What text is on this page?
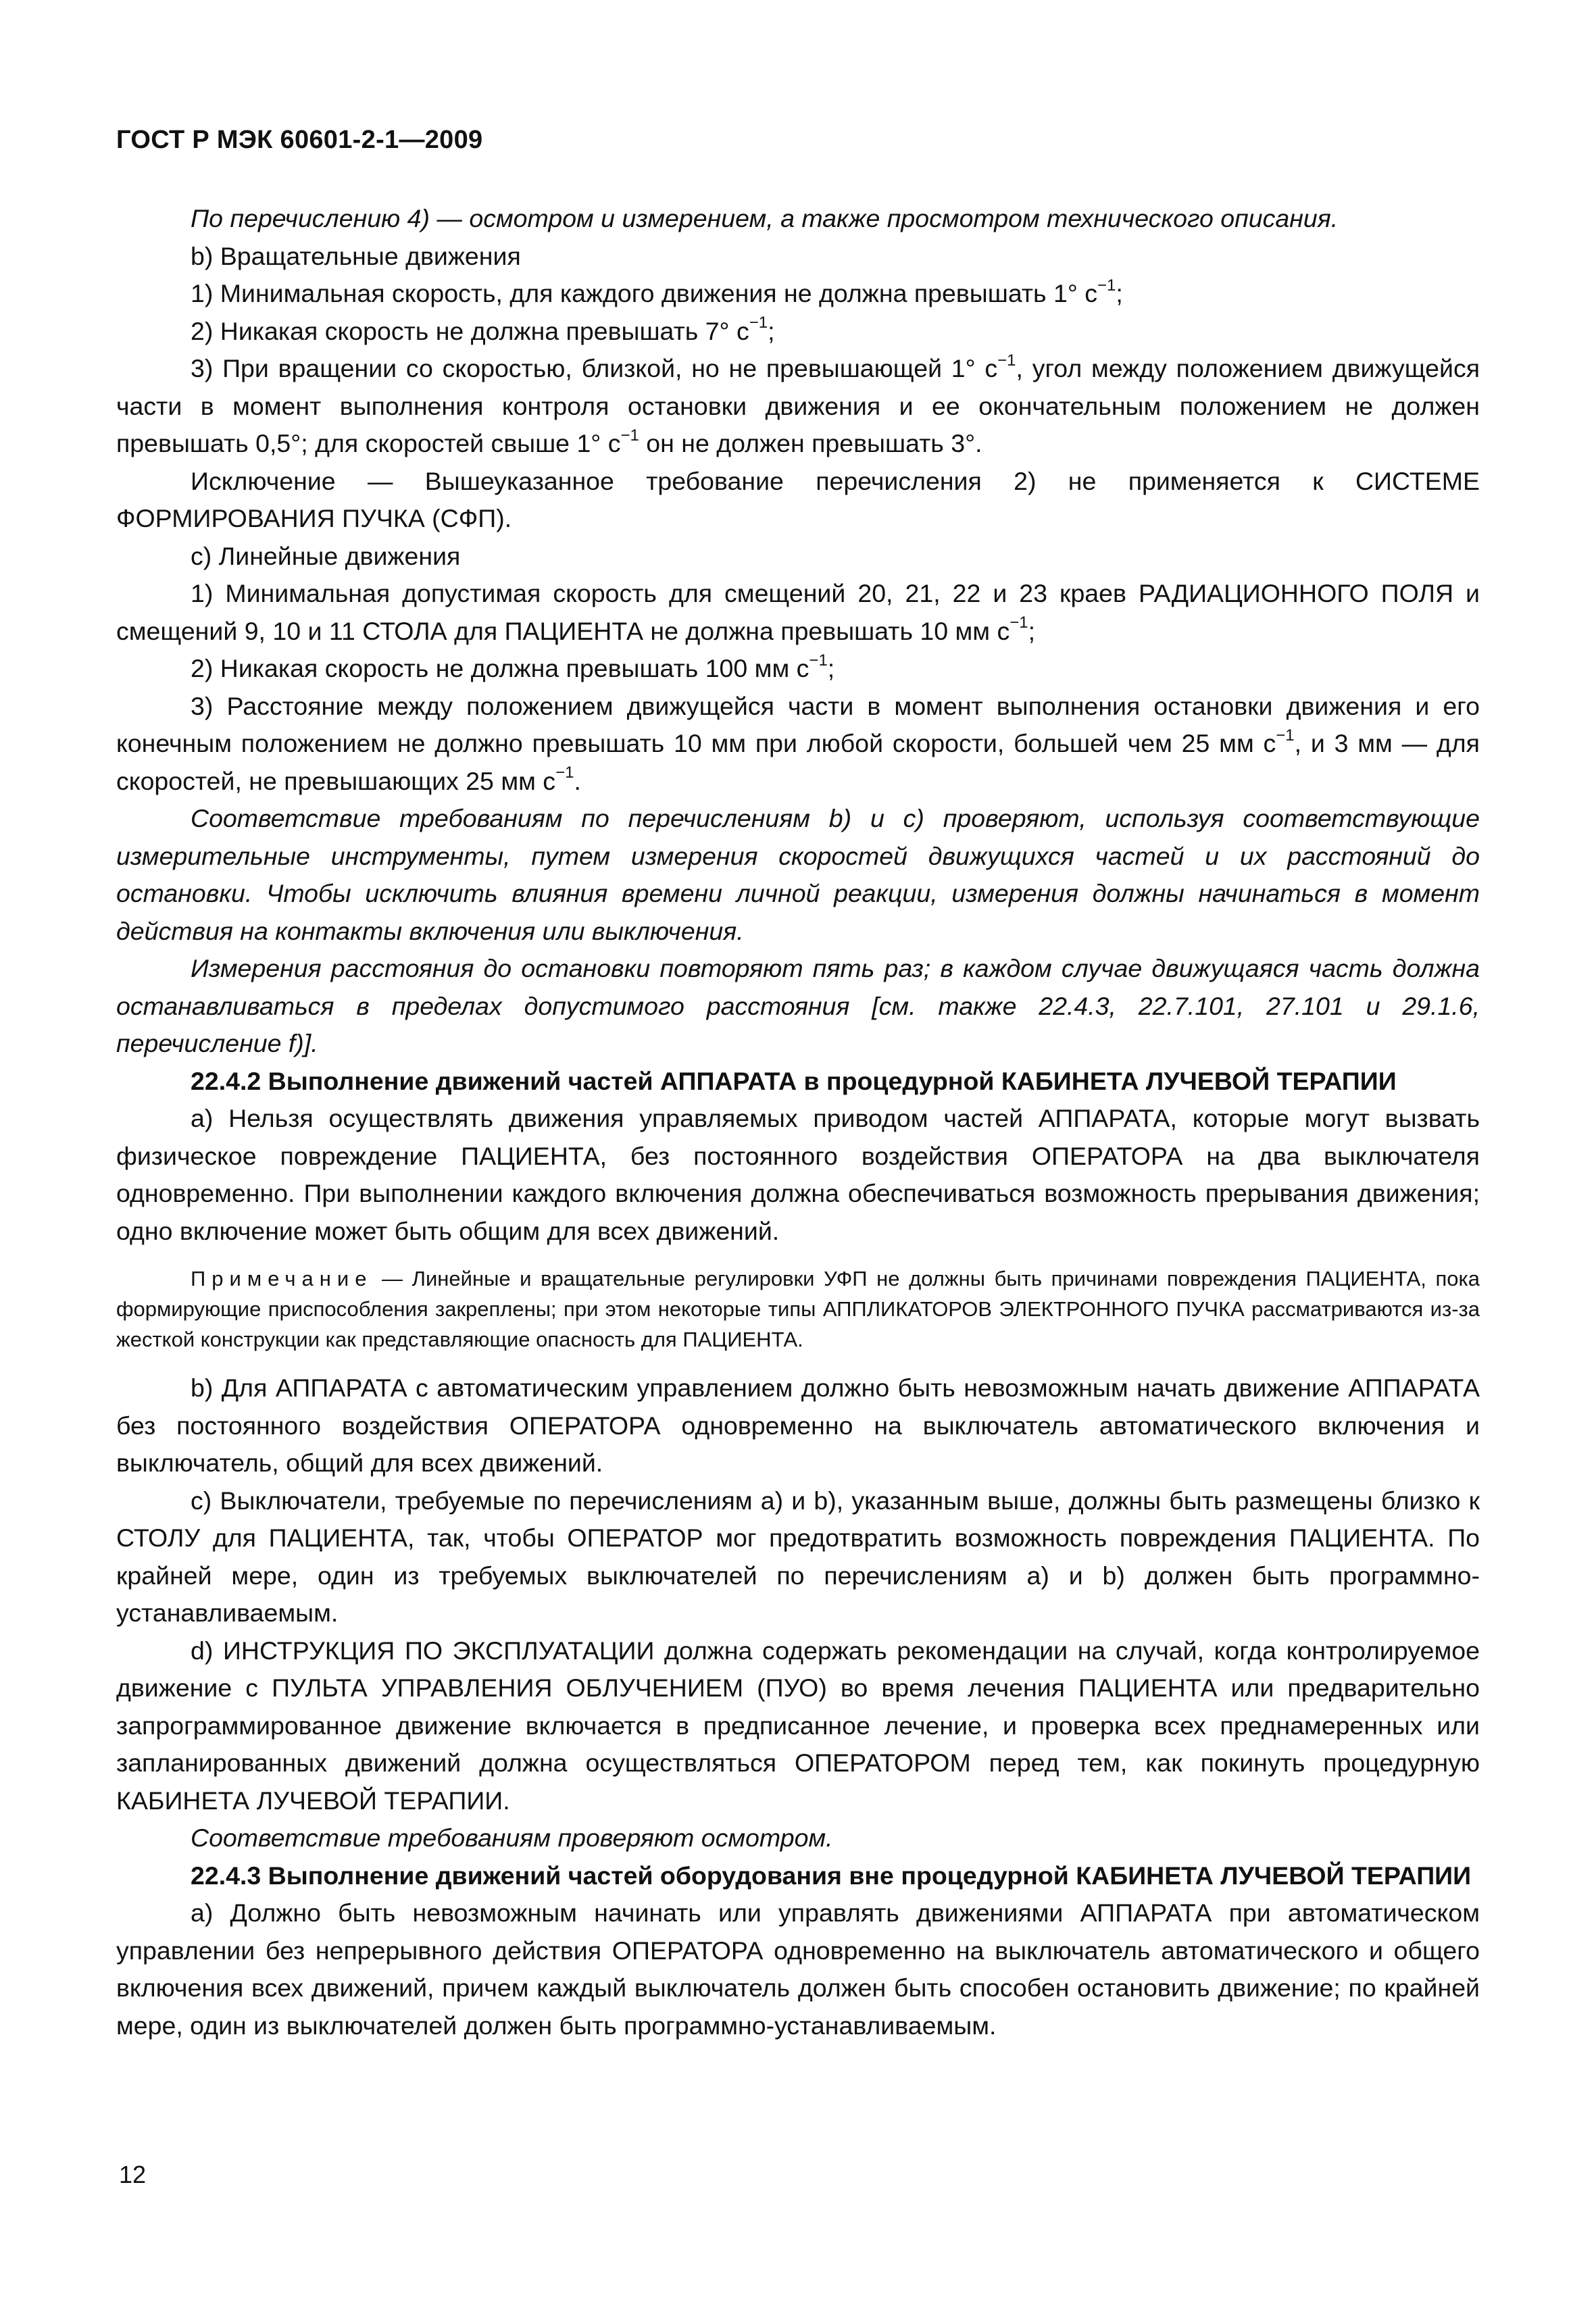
ГОСТ Р МЭК 60601-2-1—2009

По перечислению 4) — осмотром и измерением, а также просмотром технического описания.

b) Вращательные движения

1) Минимальная скорость, для каждого движения не должна превышать 1° $с^{-1}$;

2) Никакая скорость не должна превышать 7° $с^{-1}$;

3) При вращении со скоростью, близкой, но не превышающей 1° $с^{-1}$, угол между положением движущейся части в момент выполнения контроля остановки движения и ее окончательным положением не должен превышать 0,5°; для скоростей свыше 1° $с^{-1}$ он не должен превышать 3°.

Исключение — Вышеуказанное требование перечисления 2) не применяется к СИСТЕМЕ ФОРМИРОВАНИЯ ПУЧКА (СФП).

c) Линейные движения

1) Минимальная допустимая скорость для смещений 20, 21, 22 и 23 краев РАДИАЦИОННОГО ПОЛЯ и смещений 9, 10 и 11 СТОЛА для ПАЦИЕНТА не должна превышать 10 мм $с^{-1}$;

2) Никакая скорость не должна превышать 100 мм $с^{-1}$;

3) Расстояние между положением движущейся части в момент выполнения остановки движения и его конечным положением не должно превышать 10 мм при любой скорости, большей чем 25 мм $с^{-1}$, и 3 мм — для скоростей, не превышающих 25 мм $с^{-1}$.

Соответствие требованиям по перечислениям b) и c) проверяют, используя соответствующие измерительные инструменты, путем измерения скоростей движущихся частей и их расстояний до остановки. Чтобы исключить влияния времени личной реакции, измерения должны начинаться в момент действия на контакты включения или выключения.

Измерения расстояния до остановки повторяют пять раз; в каждом случае движущаяся часть должна останавливаться в пределах допустимого расстояния [см. также 22.4.3, 22.7.101, 27.101 и 29.1.6, перечисление f)].

22.4.2 Выполнение движений частей АППАРАТА в процедурной КАБИНЕТА ЛУЧЕВОЙ ТЕРАПИИ

a) Нельзя осуществлять движения управляемых приводом частей АППАРАТА, которые могут вызвать физическое повреждение ПАЦИЕНТА, без постоянного воздействия ОПЕРАТОРА на два выключателя одновременно. При выполнении каждого включения должна обеспечиваться возможность прерывания движения; одно включение может быть общим для всех движений.

Примечание — Линейные и вращательные регулировки УФП не должны быть причинами повреждения ПАЦИЕНТА, пока формирующие приспособления закреплены; при этом некоторые типы АППЛИКАТОРОВ ЭЛЕКТРОННОГО ПУЧКА рассматриваются из-за жесткой конструкции как представляющие опасность для ПАЦИЕНТА.

b) Для АППАРАТА с автоматическим управлением должно быть невозможным начать движение АППАРАТА без постоянного воздействия ОПЕРАТОРА одновременно на выключатель автоматического включения и выключатель, общий для всех движений.

c) Выключатели, требуемые по перечислениям a) и b), указанным выше, должны быть размещены близко к СТОЛУ для ПАЦИЕНТА, так, чтобы ОПЕРАТОР мог предотвратить возможность повреждения ПАЦИЕНТА. По крайней мере, один из требуемых выключателей по перечислениям a) и b) должен быть программно-устанавливаемым.

d) ИНСТРУКЦИЯ ПО ЭКСПЛУАТАЦИИ должна содержать рекомендации на случай, когда контролируемое движение с ПУЛЬТА УПРАВЛЕНИЯ ОБЛУЧЕНИЕМ (ПУО) во время лечения ПАЦИЕНТА или предварительно запрограммированное движение включается в предписанное лечение, и проверка всех преднамеренных или запланированных движений должна осуществляться ОПЕРАТОРОМ перед тем, как покинуть процедурную КАБИНЕТА ЛУЧЕВОЙ ТЕРАПИИ.

Соответствие требованиям проверяют осмотром.

22.4.3 Выполнение движений частей оборудования вне процедурной КАБИНЕТА ЛУЧЕВОЙ ТЕРАПИИ

a) Должно быть невозможным начинать или управлять движениями АППАРАТА при автоматическом управлении без непрерывного действия ОПЕРАТОРА одновременно на выключатель автоматического и общего включения всех движений, причем каждый выключатель должен быть способен остановить движение; по крайней мере, один из выключателей должен быть программно-устанавливаемым.

12
